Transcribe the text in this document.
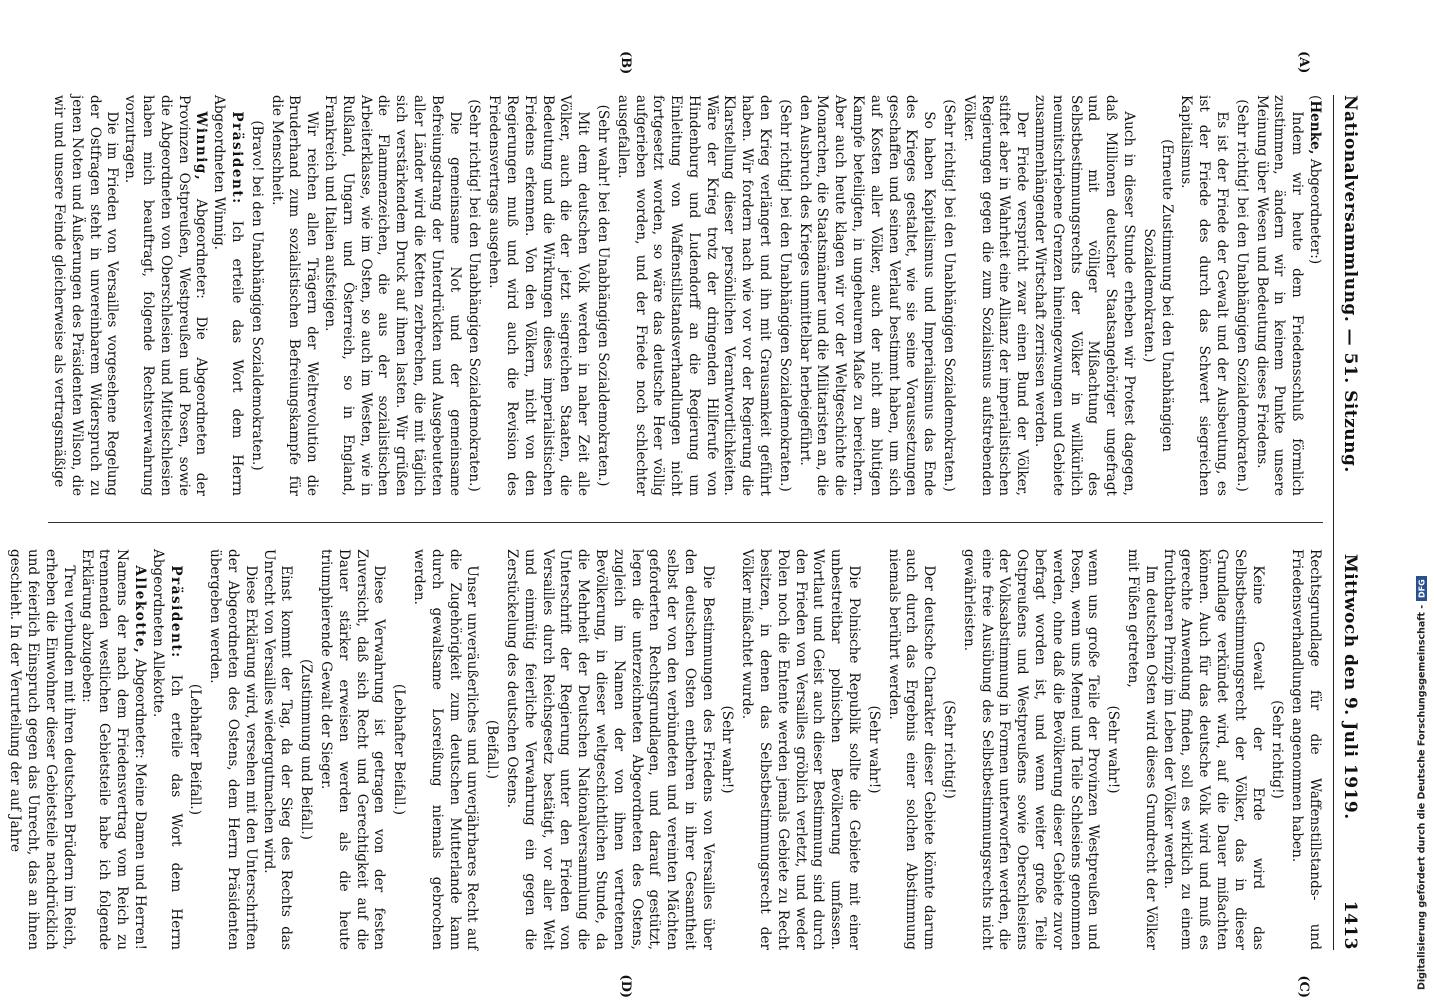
Nationalversammlung. — 51. Sitzung.
Mittwoch den 9. Juli 1919.
1413
(A)
(B)
(C)
(D)

(Henke, Abgeordneter:)

Indem wir heute dem Friedensschluß förmlich zustimmen, ändern wir in keinem Punkte unsere Meinung über Wesen und Bedeutung dieses Friedens.

(Sehr richtig! bei den Unabhängigen Sozialdemokraten.)

Es ist der Friede der Gewalt und der Ausbeutung, es ist der Friede des durch das Schwert siegreichen Kapitalismus.

(Erneute Zustimmung bei den Unabhängigen Sozialdemokraten.)

Auch in dieser Stunde erheben wir Protest dagegen, daß Millionen deutscher Staatsangehöriger ungefragt und mit völliger Mißachtung des Selbstbestimmungsrechts der Völker in willkürlich neumitschriebene Grenzen hineingezwungen und Gebiete zusammenhängender Wirtschaft zerrissen werden.

Der Friede verspricht zwar einen Bund der Völker, stiftet aber in Wahrheit eine Allianz der imperialistischen Regierungen gegen die zum Sozialismus aufstrebenden Völker.

(Sehr richtig! bei den Unabhängigen Sozialdemokraten.)

So haben Kapitalismus und Imperialismus das Ende des Krieges gestaltet, wie sie seine Voraussetzungen geschaffen und seinen Verlauf bestimmt haben, um sich auf Kosten aller Völker, auch der nicht am blutigen Kampfe beteiligten, in ungeheurem Maße zu bereichern. Aber auch heute klagen wir vor der Weltgeschichte die Monarchen, die Staatsmänner und die Militaristen an, die den Ausbruch des Krieges unmittelbar herbeigeführt.

(Sehr richtig! bei den Unabhängigen Sozialdemokraten.)

den Krieg verlängert und ihn mit Grausamkeit geführt haben. Wir fordern nach wie vor vor der Regierung die Klarstellung dieser persönlichen Verantwortlichkeiten. Wäre der Krieg trotz der dringenden Hilferufe von Hindenburg und Ludendorff an die Regierung um Einleitung von Waffenstillstandsverhandlungen nicht fortgesetzt worden, so wäre das deutsche Heer völlig aufgerieben worden, und der Friede noch schlechter ausgefallen.

(Sehr wahr! bei den Unabhängigen Sozialdemokraten.)

Mit dem deutschen Volk werden in naher Zeit alle Völker, auch die der jetzt siegreichen Staaten, die Bedeutung und die Wirkungen dieses imperialistischen Friedens erkennen. Von den Völkern, nicht von den Regierungen muß und wird auch die Revision des Friedensvertrags ausgehen.

(Sehr richtig! bei den Unabhängigen Sozialdemokraten.)

Die gemeinsame Not und der gemeinsame Befreiungsdrang der Unterdrückten und Ausgebeuteten aller Länder wird die Ketten zerbrechen, die mit täglich sich verstärkendem Druck auf ihnen lasten. Wir grüßen die Flammenzeichen, die aus der sozialistischen Arbeiterklasse, wie im Osten, so auch im Westen, wie in Rußland, Ungarn und Österreich, so in England, Frankreich und Italien aufsteigen.

Wir reichen allen Trägern der Weltrevolution die Bruderhand zum sozialistischen Befreiungskampfe für die Menschheit.

(Bravo! bei den Unabhängigen Sozialdemokraten.)

Präsident: Ich erteile das Wort dem Herrn Abgeordneten Winnig.

Winnig, Abgeordneter: Die Abgeordneten der Provinzen Ostpreußen, Westpreußen und Posen, sowie die Abgeordneten von Oberschlesien und Mittelschlesien haben mich beauftragt, folgende Rechtsverwahrung vorzutragen.

Die im Frieden von Versailles vorgesehene Regelung der Ostfragen steht in unvereinbarem Widerspruch zu jenen Noten und Äußerungen des Präsidenten Wilson, die wir und unsere Feinde gleicherweise als vertragsmäßige

Rechtsgrundlage für die Waffenstillstands- und Friedensverhandlungen angenommen haben.

(Sehr richtig!)

Keine Gewalt der Erde wird das Selbstbestimmungsrecht der Völker, das in dieser Grundlage verkündet wird, auf die Dauer mißachten können. Auch für das deutsche Volk wird und muß es gerechte Anwendung finden, soll es wirklich zu einem fruchtbaren Prinzip im Leben der Völker werden.

Im deutschen Osten wird dieses Grundrecht der Völker mit Füßen getreten,

(Sehr wahr!)

wenn uns große Teile der Provinzen Westpreußen und Posen, wenn uns Memel und Teile Schlesiens genommen werden, ohne daß die Bevölkerung dieser Gebiete zuvor befragt worden ist, und wenn weiter große Teile Ostpreußens und Westpreußens sowie Oberschlesiens der Volksabstimmung in Formen unterworfen werden, die eine freie Ausübung des Selbstbestimmungsrechts nicht gewährleisten.

(Sehr richtig!)

Der deutsche Charakter dieser Gebiete könnte darum auch durch das Ergebnis einer solchen Abstimmung niemals berührt werden.

(Sehr wahr!)

Die Polnische Republik sollte die Gebiete mit einer unbestreitbar polnischen Bevölkerung umfassen. Wortlaut und Geist auch dieser Bestimmung sind durch den Frieden von Versailles gröblich verletzt, und weder Polen noch die Entente werden jemals Gebiete zu Recht besitzen, in denen das Selbstbestimmungsrecht der Völker mißachtet wurde.

(Sehr wahr!)

Die Bestimmungen des Friedens von Versailles über den deutschen Osten entbehren in ihrer Gesamtheit selbst der von den verbündeten und vereinten Mächten geforderten Rechtsgrundlagen, und darauf gestützt, legen die unterzeichneten Abgeordneten des Ostens, zugleich im Namen der von ihnen vertretenen Bevölkerung, in dieser weltgeschichtlichen Stunde, da die Mehrheit der Deutschen Nationalversammlung die Unterschrift der Regierung unter den Frieden von Versailles durch Reichsgesetz bestätigt, vor aller Welt und einmütig feierliche Verwahrung ein gegen die Zerstückelung des deutschen Ostens.

(Beifall.)

Unser unveräußerliches und unverjährbares Recht auf die Zugehörigkeit zum deutschen Mutterlande kann durch gewaltsame Losreißung niemals gebrochen werden.

(Lebhafter Beifall.)

Diese Verwahrung ist getragen von der festen Zuversicht, daß sich Recht und Gerechtigkeit auf die Dauer stärker erweisen werden als die heute triumphierende Gewalt der Sieger.

(Zustimmung und Beifall.)

Einst kommt der Tag, da der Sieg des Rechts das Unrecht von Versailles wiedergutmachen wird.

Diese Erklärung wird, versehen mit den Unterschriften der Abgeordneten des Ostens, dem Herrn Präsidenten übergeben werden.

(Lebhafter Beifall.)

Präsident: Ich erteile das Wort dem Herrn Abgeordneten Allekotte.

Allekotte, Abgeordneter: Meine Damen und Herren! Namens der nach dem Friedensvertrag vom Reich zu trennenden westlichen Gebietsteile habe ich folgende Erklärung abzugeben:

Treu verbunden mit ihren deutschen Brüdern im Reich, erheben die Einwohner dieser Gebietsteile nachdrücklich und feierlich Einspruch gegen das Unrecht, das an ihnen geschieht. In der Verurteilung der auf Jahre	Digitalisierung gefördert durch die Deutsche Forschungsgemeinschaft -
DFG
